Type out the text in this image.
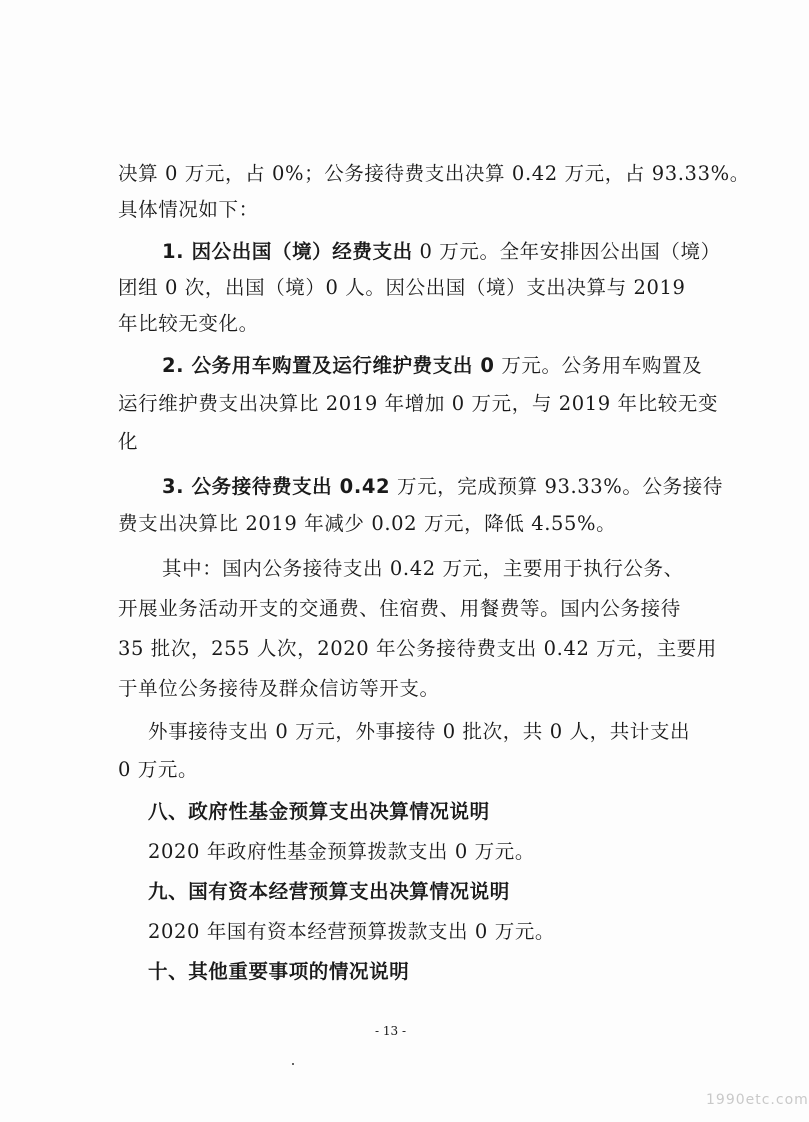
决算 0 万元，占 0%；公务接待费支出决算 0.42 万元，占 93.33%。
具体情况如下：
1. 因公出国（境）经费支出 0 万元。全年安排因公出国（境）
团组 0 次，出国（境）0 人。因公出国（境）支出决算与 2019
年比较无变化。
2. 公务用车购置及运行维护费支出 0 万元。公务用车购置及
运行维护费支出决算比 2019 年增加 0 万元，与 2019 年比较无变
化
3. 公务接待费支出 0.42 万元，完成预算 93.33%。公务接待
费支出决算比 2019 年减少 0.02 万元，降低 4.55%。
其中：国内公务接待支出 0.42 万元，主要用于执行公务、
开展业务活动开支的交通费、住宿费、用餐费等。国内公务接待
35 批次，255 人次，2020 年公务接待费支出 0.42 万元，主要用
于单位公务接待及群众信访等开支。
外事接待支出 0 万元，外事接待 0 批次，共 0 人，共计支出
0 万元。
八、政府性基金预算支出决算情况说明
2020 年政府性基金预算拨款支出 0 万元。
九、国有资本经营预算支出决算情况说明
2020 年国有资本经营预算拨款支出 0 万元。
十、其他重要事项的情况说明
- 13 -
1990etc.com
